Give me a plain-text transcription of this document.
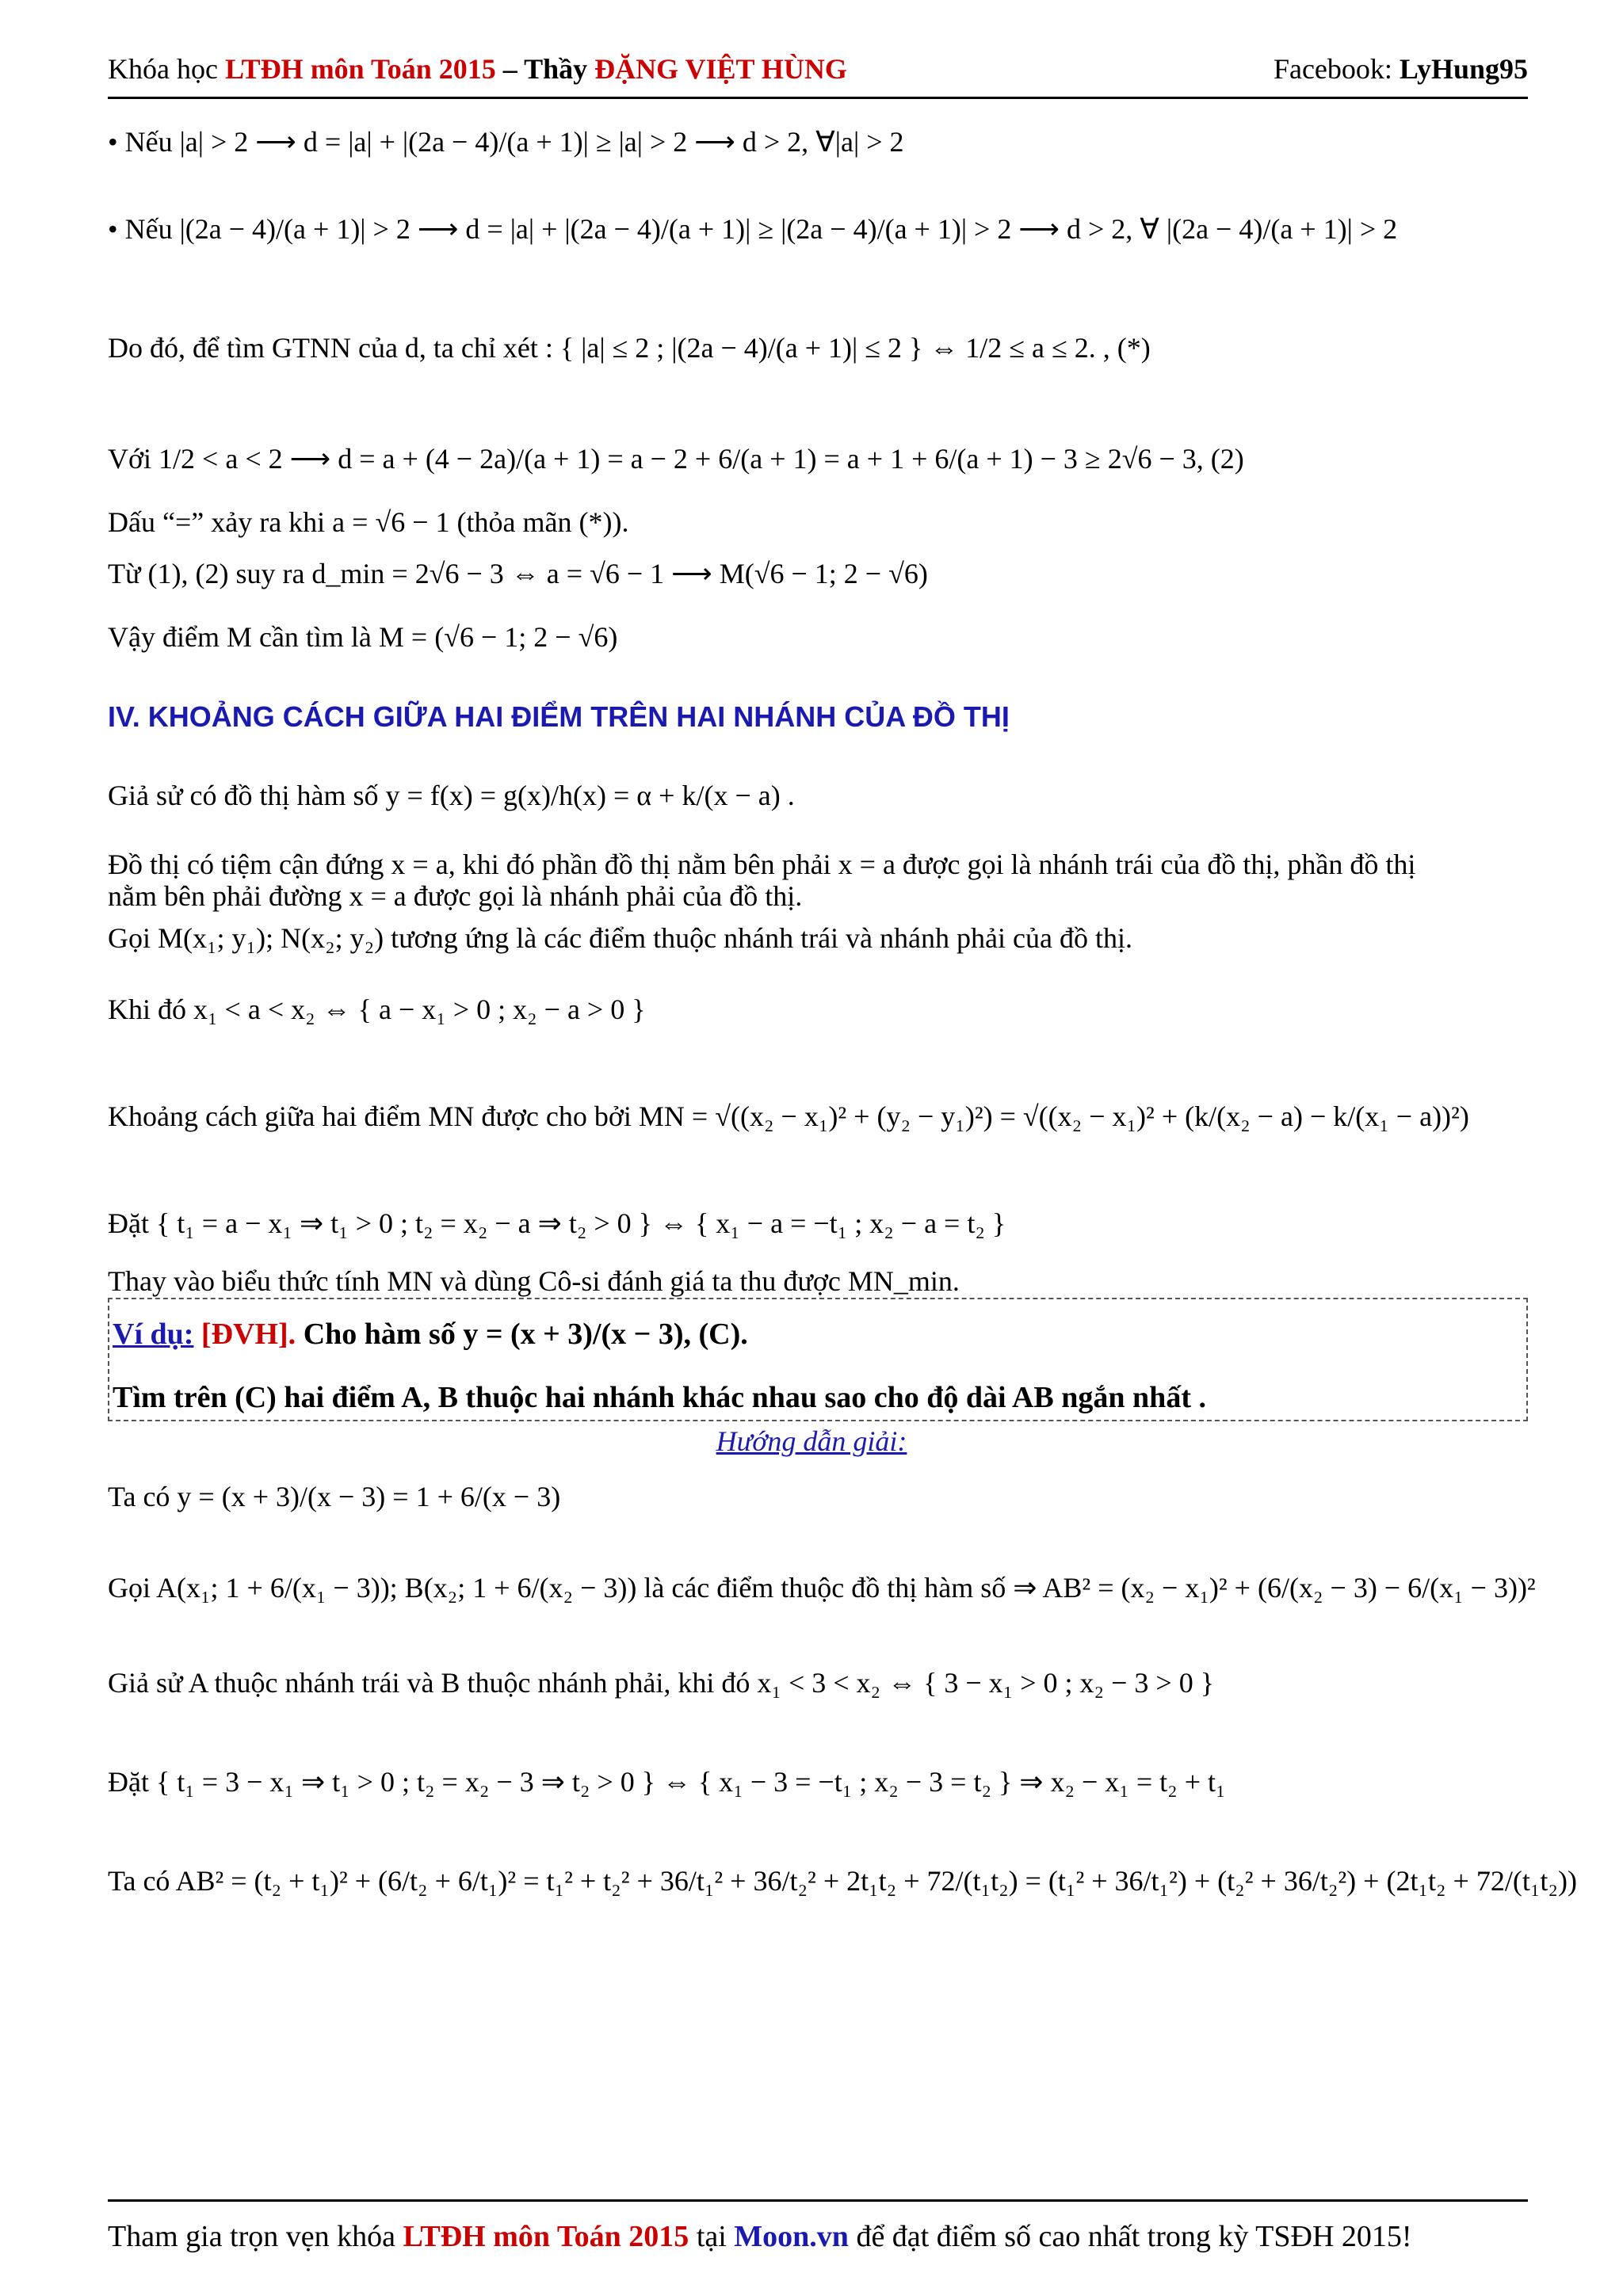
Khóa học LTĐH môn Toán 2015 – Thầy ĐẶNG VIỆT HÙNG	Facebook: LyHung95
• Nếu |a| > 2 ⟶ d = |a| + |(2a − 4)/(a + 1)| ≥ |a| > 2 ⟶ d > 2, ∀|a| > 2
• Nếu |(2a − 4)/(a + 1)| > 2 ⟶ d = |a| + |(2a − 4)/(a + 1)| ≥ |(2a − 4)/(a + 1)| > 2 ⟶ d > 2, ∀ |(2a − 4)/(a + 1)| > 2
Do đó, để tìm GTNN của d, ta chỉ xét : { |a| ≤ 2 ; |(2a − 4)/(a + 1)| ≤ 2 } ⇔ 1/2 ≤ a ≤ 2. , (*)
Với 1/2 < a < 2 ⟶ d = a + (4 − 2a)/(a + 1) = a − 2 + 6/(a + 1) = a + 1 + 6/(a + 1) − 3 ≥ 2√6 − 3, (2)
Dấu “=” xảy ra khi a = √6 − 1 (thỏa mãn (*)).
Từ (1), (2) suy ra d_min = 2√6 − 3 ⇔ a = √6 − 1 ⟶ M(√6 − 1; 2 − √6)
Vậy điểm M cần tìm là M = (√6 − 1; 2 − √6)
IV. KHOẢNG CÁCH GIỮA HAI ĐIỂM TRÊN HAI NHÁNH CỦA ĐỒ THỊ
Giả sử có đồ thị hàm số y = f(x) = g(x)/h(x) = α + k/(x − a) .
Đồ thị có tiệm cận đứng x = a, khi đó phần đồ thị nằm bên phải x = a được gọi là nhánh trái của đồ thị, phần đồ thị
nằm bên phải đường x = a được gọi là nhánh phải của đồ thị.
Gọi M(x₁; y₁); N(x₂; y₂) tương ứng là các điểm thuộc nhánh trái và nhánh phải của đồ thị.
Khi đó x₁ < a < x₂ ⇔ { a − x₁ > 0 ; x₂ − a > 0 }
Khoảng cách giữa hai điểm MN được cho bởi MN = √((x₂ − x₁)² + (y₂ − y₁)²) = √((x₂ − x₁)² + (k/(x₂ − a) − k/(x₁ − a))²)
Đặt { t₁ = a − x₁ ⇒ t₁ > 0 ; t₂ = x₂ − a ⇒ t₂ > 0 } ⇔ { x₁ − a = −t₁ ; x₂ − a = t₂ }
Thay vào biểu thức tính MN và dùng Cô-si đánh giá ta thu được MN_min.
Ví dụ: [ĐVH]. Cho hàm số y = (x + 3)/(x − 3), (C).
Tìm trên (C) hai điểm A, B thuộc hai nhánh khác nhau sao cho độ dài AB ngắn nhất .
Hướng dẫn giải:
Ta có y = (x + 3)/(x − 3) = 1 + 6/(x − 3)
Gọi A(x₁; 1 + 6/(x₁ − 3)); B(x₂; 1 + 6/(x₂ − 3)) là các điểm thuộc đồ thị hàm số ⇒ AB² = (x₂ − x₁)² + (6/(x₂ − 3) − 6/(x₁ − 3))²
Giả sử A thuộc nhánh trái và B thuộc nhánh phải, khi đó x₁ < 3 < x₂ ⇔ { 3 − x₁ > 0 ; x₂ − 3 > 0 }
Đặt { t₁ = 3 − x₁ ⇒ t₁ > 0 ; t₂ = x₂ − 3 ⇒ t₂ > 0 } ⇔ { x₁ − 3 = −t₁ ; x₂ − 3 = t₂ } ⇒ x₂ − x₁ = t₂ + t₁
Ta có AB² = (t₂ + t₁)² + (6/t₂ + 6/t₁)² = t₁² + t₂² + 36/t₁² + 36/t₂² + 2t₁t₂ + 72/(t₁t₂) = (t₁² + 36/t₁²) + (t₂² + 36/t₂²) + (2t₁t₂ + 72/(t₁t₂))
Tham gia trọn vẹn khóa LTĐH môn Toán 2015 tại Moon.vn để đạt điểm số cao nhất trong kỳ TSĐH 2015!
